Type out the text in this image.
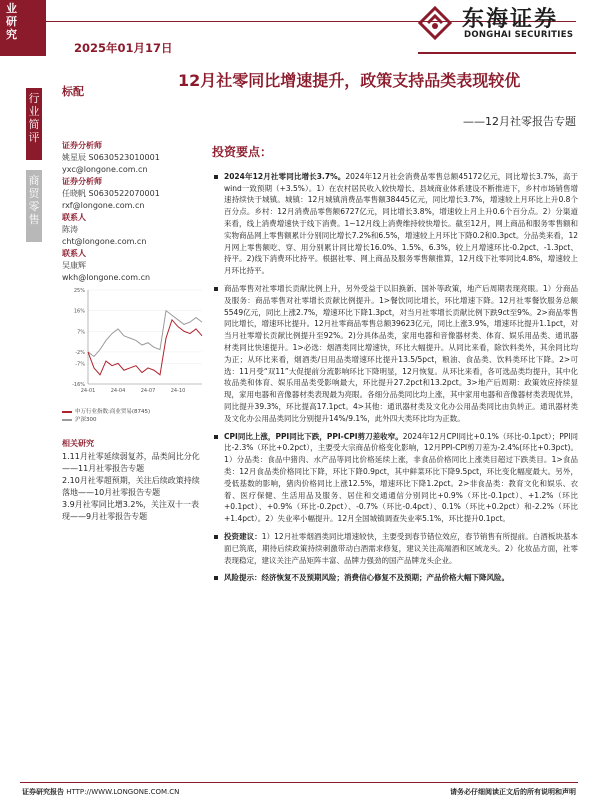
业研究
2025年01月17日
东海证券
DONGHAI SECURITIES
行业简评
商贸零售
标配
12月社零同比增速提升，政策支持品类表现较优
——12月社零报告专题
证券分析师
姚星辰 S0630523010001
yxc@longone.com.cn
证券分析师
任晓帆 S0630522070001
rxf@longone.com.cn
联系人
陈涛
cht@longone.com.cn
联系人
吴康辉
wkh@longone.com.cn
25%
16%
7%
-2%
-7%
-16%
24-01	24-04	24-07	24-10
申万行业指数:商业贸易(8745)
沪深300
相关研究
1.11月社零延续弱复苏，品类间比分化——11月社零报告专题
2.10月社零超预期，关注后续政策持续落地——10月社零报告专题
3.9月社零同比增3.2%，关注双十一表现——9月社零报告专题
投资要点：
2024年12月社零同比增长3.7%。2024年12月社会消费品零售总额45172亿元，同比增长3.7%，高于wind一致预期（+3.5%）。1）在农村居民收入较快增长、县域商业体系建设不断推进下，乡村市场销售增速持续快于城镇。城镇：12月城镇消费品零售额38445亿元，同比增长3.7%，增速较上月环比上升0.8个百分点。乡村：12月消费品零售额6727亿元，同比增长3.8%，增速较上月上升0.6个百分点。2）分渠道来看，线上消费增速快于线下消费。1~12月线上消费维持较快增长。截至12月，网上商品和服务零售额和实物商品网上零售额累计分别同比增长7.2%和6.5%，增速较上月环比下降0.2和0.3pct。分品类来看，12月网上零售额吃、穿、用分别累计同比增长16.0%、1.5%、6.3%，较上月增速环比-0.2pct、-1.3pct、持平。2)线下消费环比持平。根据社零、网上商品及服务零售额推算，12月线下社零同比4.8%，增速较上月环比持平。
商品零售对社零增长贡献比例上升，另外受益于以旧换新、国补等政策，地产后周期表现亮眼。1）分商品及服务：商品零售对社零增长贡献比例提升。1>餐饮同比增长，环比增速下降。12月社零餐饮服务总额5549亿元，同比上涨2.7%，增速环比下降1.3pct，对当月社零增长贡献比例下跌9ct至9%。2>商品零售同比增长，增速环比提升。12月社零商品零售总额39623亿元，同比上涨3.9%，增速环比提升1.1pct，对当月社零增长贡献比例提升至92%。2)分具体品类，家用电器和音像器材类、体育、娱乐用品类、通讯器材类同比快速提升。1>必选：烟酒类同比增速快，环比大幅提升。从同比来看，除饮料类外，其余同比均为正；从环比来看，烟酒类/日用品类增速环比提升13.5/5pct，粮油、食品类、饮料类环比下降。2>可选：11月受“双11”大促提前分流影响环比下降明显，12月恢复。从环比来看，各可选品类均提升，其中化妆品类和体育、娱乐用品类受影响最大，环比提升27.2pct和13.2pct。3>地产后周期：政策效应持续显现，家用电器和音像器材类表现最为亮眼。各细分品类同比均上涨，其中家用电器和音像器材类表现优异，同比提升39.3%，环比提高17.1pct。4>其他：通讯器材类及文化办公用品类同比由负转正。通讯器材类及文化办公用品类同比分别提升14%/9.1%，此外四大类环比均为正数。
CPI同比上涨，PPI同比下跌，PPI-CPI剪刀差收窄。2024年12月CPI同比+0.1%（环比-0.1pct）；PPI同比-2.3%（环比+0.2pct），主要受大宗商品价格变化影响，12月PPI-CPI剪刀差为-2.4%(环比+0.3pct)。1）分品类：食品中猪肉、水产品等同比价格延续上涨，非食品价格同比上涨类目超过下跌类目。1>食品类：12月食品类价格同比下降，环比下降0.9pct，其中鲜菜环比下降9.5pct，环比变化幅度最大。另外，受低基数的影响，猪肉价格同比上涨12.5%，增速环比下降1.2pct。2>非食品类：教育文化和娱乐、衣着、医疗保健、生活用品及服务、居住和交通通信分别同比+0.9%（环比-0.1pct）、+1.2%（环比+0.1pct）、+0.9%（环比-0.2pct）、-0.7%（环比-0.4pct）、0.1%（环比+0.2pct）和-2.2%（环比+1.4pct）。2）失业率小幅提升。12月全国城镇调查失业率5.1%，环比提升0.1pct。
投资建议：1）12月社零烟酒类同比增速较快，主要受到春节错位效应，春节销售有所提前。白酒板块基本面已筑底，期待后续政策持续刺激带动白酒需求修复，建议关注高端酒和区域龙头。2）化妆品方面，社零表现稳定，建议关注产品矩阵丰富、品牌力强劲的国产品牌龙头企业。
风险提示：经济恢复不及预期风险；消费信心修复不及预期；产品价格大幅下降风险。
证券研究报告 HTTP://WWW.LONGONE.COM.CN	请务必仔细阅读正文后的所有说明和声明
